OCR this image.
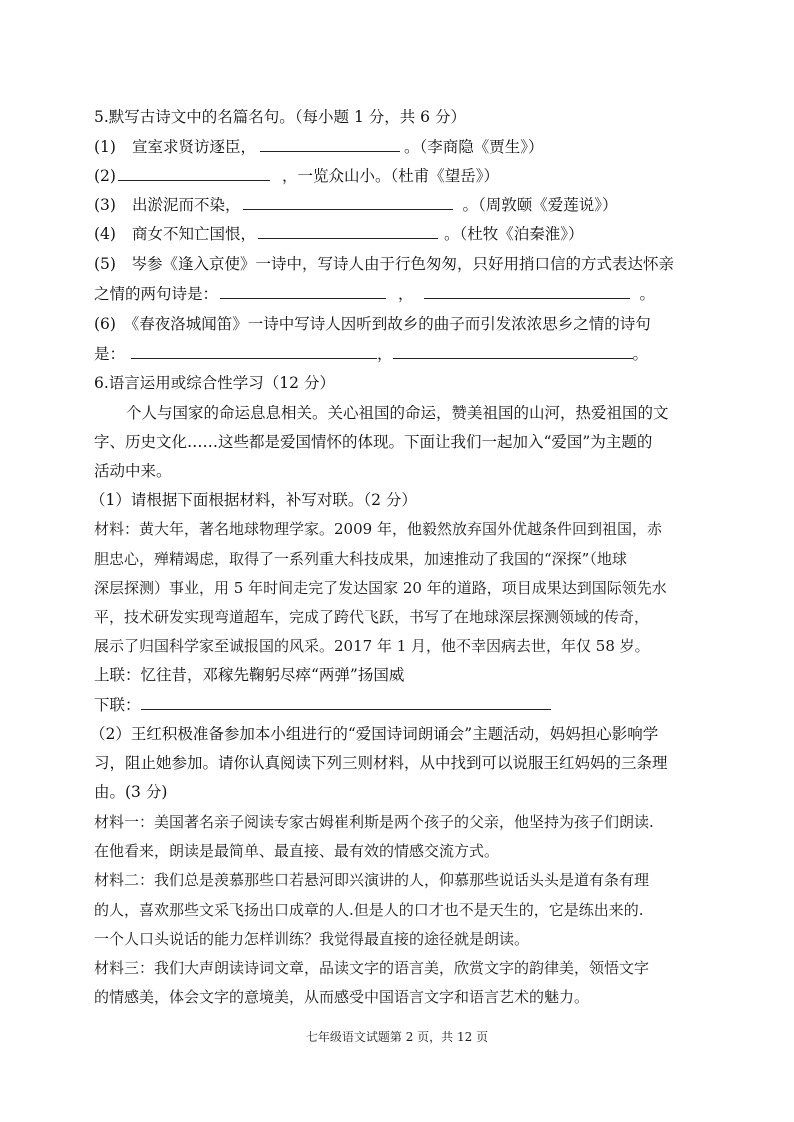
5.默写古诗文中的名篇名句。（每小题 1 分，共 6 分）
(1) 宣室求贤访逐臣，	。（李商隐《贾生》）
(2)	，一览众山小。（杜甫《望岳》）
(3) 出淤泥而不染，	。（周敦颐《爱莲说》）
(4) 商女不知亡国恨，	。（杜牧《泊秦淮》）
(5)　岑参《逢入京使》一诗中，写诗人由于行色匆匆，只好用捎口信的方式表达怀亲
之情的两句诗是：	，	。
(6)　《春夜洛城闻笛》一诗中写诗人因听到故乡的曲子而引发浓浓思乡之情的诗句
是：	，	。
6.语言运用或综合性学习（12 分）
个人与国家的命运息息相关。关心祖国的命运，赞美祖国的山河，热爱祖国的文
字、历史文化……这些都是爱国情怀的体现。下面让我们一起加入“爱国”为主题的
活动中来。
（1）请根据下面根据材料，补写对联。（2 分）
材料：黄大年，著名地球物理学家。2009 年，他毅然放弃国外优越条件回到祖国，赤
胆忠心，殚精竭虑，取得了一系列重大科技成果，加速推动了我国的“深探”（地球
深层探测）事业，用 5 年时间走完了发达国家 20 年的道路，项目成果达到国际领先水
平，技术研发实现弯道超车，完成了跨代飞跃，书写了在地球深层探测领域的传奇，
展示了归国科学家至诚报国的风采。2017 年 1 月，他不幸因病去世，年仅 58 岁。
上联：忆往昔，邓稼先鞠躬尽瘁“两弹”扬国威
下联：
（2）王红积极准备参加本小组进行的“爱国诗词朗诵会”主题活动，妈妈担心影响学
习，阻止她参加。请你认真阅读下列三则材料，从中找到可以说服王红妈妈的三条理
由。(3 分)
材料一：美国著名亲子阅读专家古姆崔利斯是两个孩子的父亲，他坚持为孩子们朗读.
在他看来，朗读是最简单、最直接、最有效的情感交流方式。
材料二：我们总是羡慕那些口若悬河即兴演讲的人，仰慕那些说话头头是道有条有理
的人，喜欢那些文采飞扬出口成章的人.但是人的口才也不是天生的，它是练出来的.
一个人口头说话的能力怎样训练？我觉得最直接的途径就是朗读。
材料三：我们大声朗读诗词文章，品读文字的语言美，欣赏文字的韵律美，领悟文字
的情感美，体会文字的意境美，从而感受中国语言文字和语言艺术的魅力。
七年级语文试题第 2 页，共 12 页
